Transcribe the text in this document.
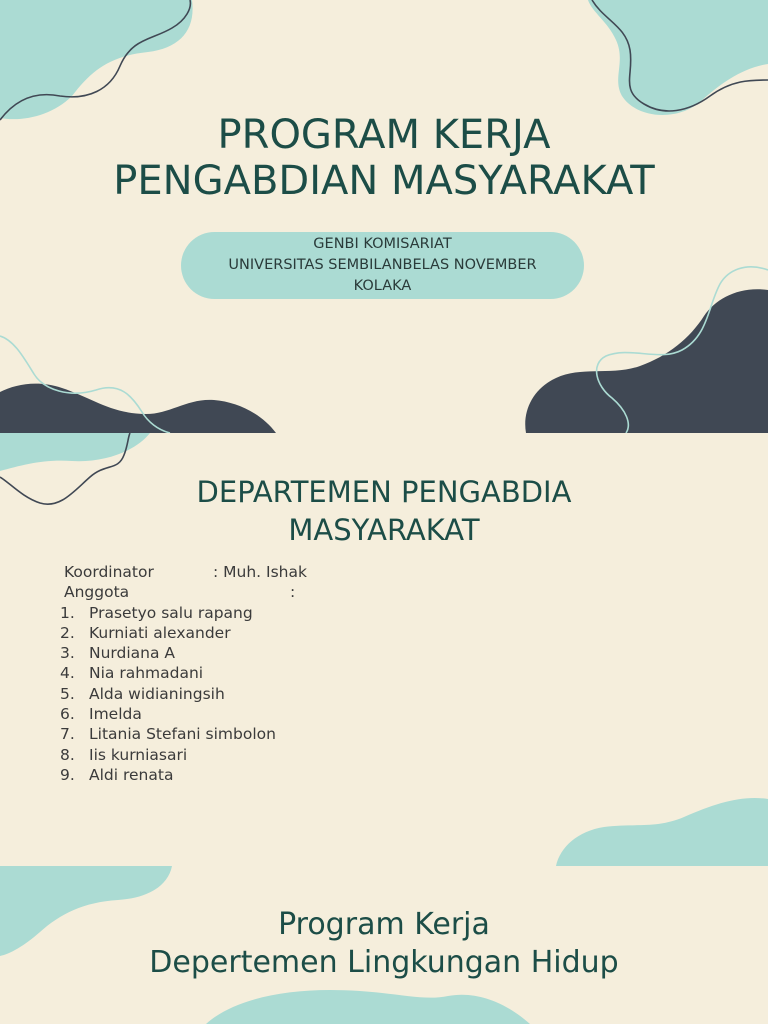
PROGRAM KERJA
PENGABDIAN MASYARAKAT
GENBI KOMISARIAT
UNIVERSITAS SEMBILANBELAS NOVEMBER
KOLAKA
DEPARTEMEN PENGABDIA
MASYARAKAT
Koordinator	: Muh. Ishak
Anggota	:
1. Prasetyo salu rapang
2. Kurniati alexander
3. Nurdiana A
4. Nia rahmadani
5. Alda widianingsih
6. Imelda
7. Litania Stefani simbolon
8. Iis kurniasari
9. Aldi renata
Program Kerja
Depertemen Lingkungan Hidup
